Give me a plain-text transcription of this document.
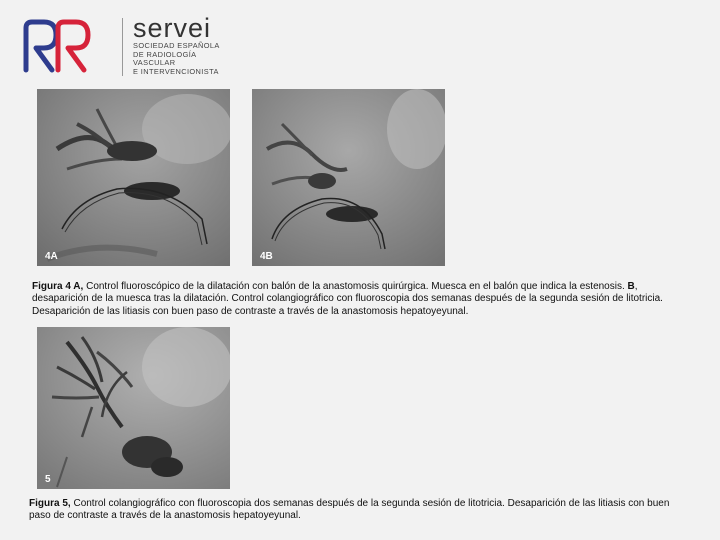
servei
SOCIEDAD ESPAÑOLA
DE RADIOLOGÍA
VASCULAR
E INTERVENCIONISTA
4A	4B
Figura 4 A, Control fluoroscópico de la dilatación con balón de la anastomosis quirúrgica. Muesca en el balón que indica la estenosis. B, desaparición de la muesca tras la dilatación. Control colangiográfico con fluoroscopia dos semanas después de la segunda sesión de litotricia. Desaparición de las litiasis con buen paso de contraste a través de la anastomosis hepatoyeyunal.
5
Figura 5, Control colangiográfico con fluoroscopia dos semanas después de la segunda sesión de litotricia. Desaparición de las litiasis con buen paso de contraste a través de la anastomosis hepatoyeyunal.
